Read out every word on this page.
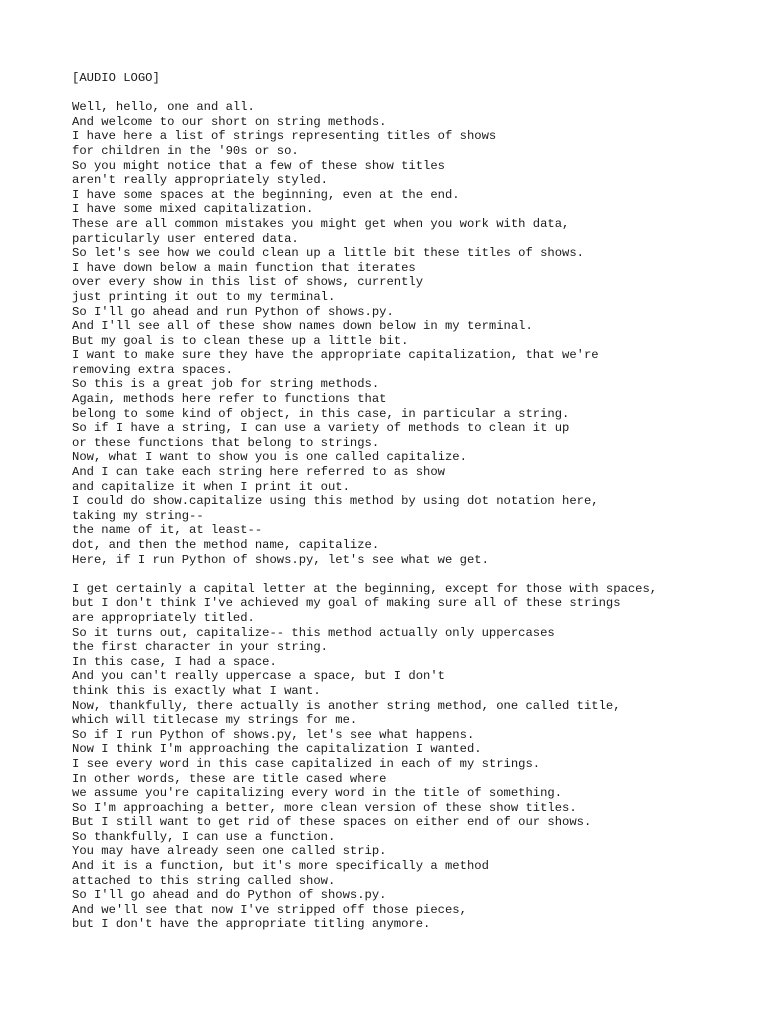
[AUDIO LOGO]
Well, hello, one and all.
And welcome to our short on string methods.
I have here a list of strings representing titles of shows
for children in the '90s or so.
So you might notice that a few of these show titles
aren't really appropriately styled.
I have some spaces at the beginning, even at the end.
I have some mixed capitalization.
These are all common mistakes you might get when you work with data,
particularly user entered data.
So let's see how we could clean up a little bit these titles of shows.
I have down below a main function that iterates
over every show in this list of shows, currently
just printing it out to my terminal.
So I'll go ahead and run Python of shows.py.
And I'll see all of these show names down below in my terminal.
But my goal is to clean these up a little bit.
I want to make sure they have the appropriate capitalization, that we're
removing extra spaces.
So this is a great job for string methods.
Again, methods here refer to functions that
belong to some kind of object, in this case, in particular a string.
So if I have a string, I can use a variety of methods to clean it up
or these functions that belong to strings.
Now, what I want to show you is one called capitalize.
And I can take each string here referred to as show
and capitalize it when I print it out.
I could do show.capitalize using this method by using dot notation here,
taking my string--
the name of it, at least--
dot, and then the method name, capitalize.
Here, if I run Python of shows.py, let's see what we get.
I get certainly a capital letter at the beginning, except for those with spaces,
but I don't think I've achieved my goal of making sure all of these strings
are appropriately titled.
So it turns out, capitalize-- this method actually only uppercases
the first character in your string.
In this case, I had a space.
And you can't really uppercase a space, but I don't
think this is exactly what I want.
Now, thankfully, there actually is another string method, one called title,
which will titlecase my strings for me.
So if I run Python of shows.py, let's see what happens.
Now I think I'm approaching the capitalization I wanted.
I see every word in this case capitalized in each of my strings.
In other words, these are title cased where
we assume you're capitalizing every word in the title of something.
So I'm approaching a better, more clean version of these show titles.
But I still want to get rid of these spaces on either end of our shows.
So thankfully, I can use a function.
You may have already seen one called strip.
And it is a function, but it's more specifically a method
attached to this string called show.
So I'll go ahead and do Python of shows.py.
And we'll see that now I've stripped off those pieces,
but I don't have the appropriate titling anymore.
